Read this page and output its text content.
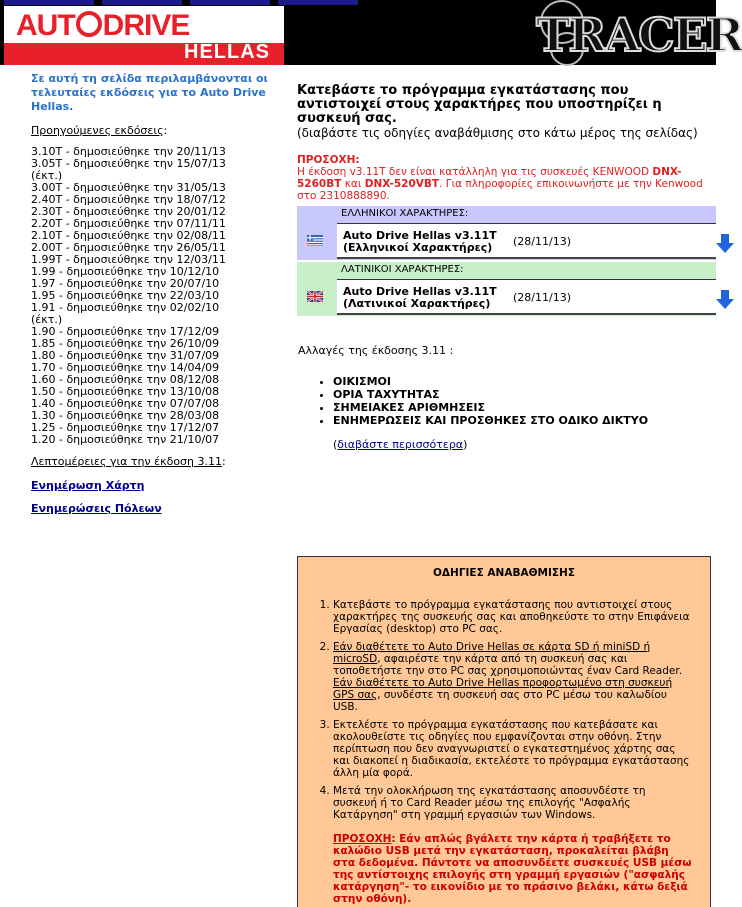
AUT DRIVE
HELLAS	TRACER
Σε αυτή τη σελίδα περιλαμβάνονται οι τελευταίες εκδόσεις για το Auto Drive Hellas.
Προηγούμενες εκδόσεις:
3.10T - δημοσιεύθηκε την 20/11/13
3.05T - δημοσιεύθηκε την 15/07/13
(έκτ.)
3.00T - δημοσιεύθηκε την 31/05/13
2.40T - δημοσιεύθηκε την 18/07/12
2.30T - δημοσιεύθηκε την 20/01/12
2.20T - δημοσιεύθηκε την 07/11/11
2.10T - δημοσιεύθηκε την 02/08/11
2.00T - δημοσιεύθηκε την 26/05/11
1.99T - δημοσιεύθηκε την 12/03/11
1.99 - δημοσιεύθηκε την 10/12/10
1.97 - δημοσιεύθηκε την 20/07/10
1.95 - δημοσιεύθηκε την 22/03/10
1.91 - δημοσιεύθηκε την 02/02/10
(έκτ.)
1.90 - δημοσιεύθηκε την 17/12/09
1.85 - δημοσιεύθηκε την 26/10/09
1.80 - δημοσιεύθηκε την 31/07/09
1.70 - δημοσιεύθηκε την 14/04/09
1.60 - δημοσιεύθηκε την 08/12/08
1.50 - δημοσιεύθηκε την 13/10/08
1.40 - δημοσιεύθηκε την 07/07/08
1.30 - δημοσιεύθηκε την 28/03/08
1.25 - δημοσιεύθηκε την 17/12/07
1.20 - δημοσιεύθηκε την 21/10/07
Λεπτομέρειες για την έκδοση 3.11:
Ενημέρωση Χάρτη
Ενημερώσεις Πόλεων
Κατεβάστε το πρόγραμμα εγκατάστασης που αντιστοιχεί στους χαρακτήρες που υποστηρίζει η συσκευή σας.
(διαβάστε τις οδηγίες αναβάθμισης στο κάτω μέρος της σελίδας)
ΠΡΟΣΟΧΗ:
Η έκδοση v3.11T δεν είναι κατάλληλη για τις συσκευές KENWOOD DNX-5260BT και DNX-520VBT. Για πληροφορίες επικοινωνήστε με την Kenwood στο 2310888890.
ΕΛΛΗΝΙΚΟΙ ΧΑΡΑΚΤΗΡΕΣ:
Auto Drive Hellas v3.11T
(Ελληνικοί Χαρακτήρες)	(28/11/13)
ΛΑΤΙΝΙΚΟΙ ΧΑΡΑΚΤΗΡΕΣ:
Auto Drive Hellas v3.11T
(Λατινικοί Χαρακτήρες)	(28/11/13)
Αλλαγές της έκδοσης 3.11 :
• ΟΙΚΙΣΜΟΙ
• ΟΡΙΑ ΤΑΧΥΤΗΤΑΣ
• ΣΗΜΕΙΑΚΕΣ ΑΡΙΘΜΗΣΕΙΣ
• ΕΝΗΜΕΡΩΣΕΙΣ ΚΑΙ ΠΡΟΣΘΗΚΕΣ ΣΤΟ ΟΔΙΚΟ ΔΙΚΤΥΟ
(διαβάστε περισσότερα)
ΟΔΗΓΙΕΣ ΑΝΑΒΑΘΜΙΣΗΣ
1. Κατεβάστε το πρόγραμμα εγκατάστασης που αντιστοιχεί στους χαρακτήρες της συσκευής σας και αποθηκεύστε το στην Επιφάνεια Εργασίας (desktop) στο PC σας.
2. Εάν διαθέτετε το Auto Drive Hellas σε κάρτα SD ή miniSD ή microSD, αφαιρέστε την κάρτα από τη συσκευή σας και τοποθετήστε την στο PC σας χρησιμοποιώντας έναν Card Reader.
Εάν διαθέτετε το Auto Drive Hellas προφορτωμένο στη συσκευή GPS σας, συνδέστε τη συσκευή σας στο PC μέσω του καλωδίου USB.
3. Εκτελέστε το πρόγραμμα εγκατάστασης που κατεβάσατε και ακολουθείστε τις οδηγίες που εμφανίζονται στην οθόνη. Στην περίπτωση που δεν αναγνωριστεί ο εγκατεστημένος χάρτης σας και διακοπεί η διαδικασία, εκτελέστε το πρόγραμμα εγκατάστασης άλλη μία φορά.
4. Μετά την ολοκλήρωση της εγκατάστασης αποσυνδέστε τη συσκευή ή το Card Reader μέσω της επιλογής "Ασφαλής Κατάργηση" στη γραμμή εργασιών των Windows.

ΠΡΟΣΟΧΗ: Εάν απλώς βγάλετε την κάρτα ή τραβήξετε το καλώδιο USB μετά την εγκατάσταση, προκαλείται βλάβη στα δεδομένα. Πάντοτε να αποσυνδέετε συσκευές USB μέσω της αντίστοιχης επιλογής στη γραμμή εργασιών ("ασφαλής κατάργηση"- το εικονίδιο με το πράσινο βελάκι, κάτω δεξιά στην οθόνη).
